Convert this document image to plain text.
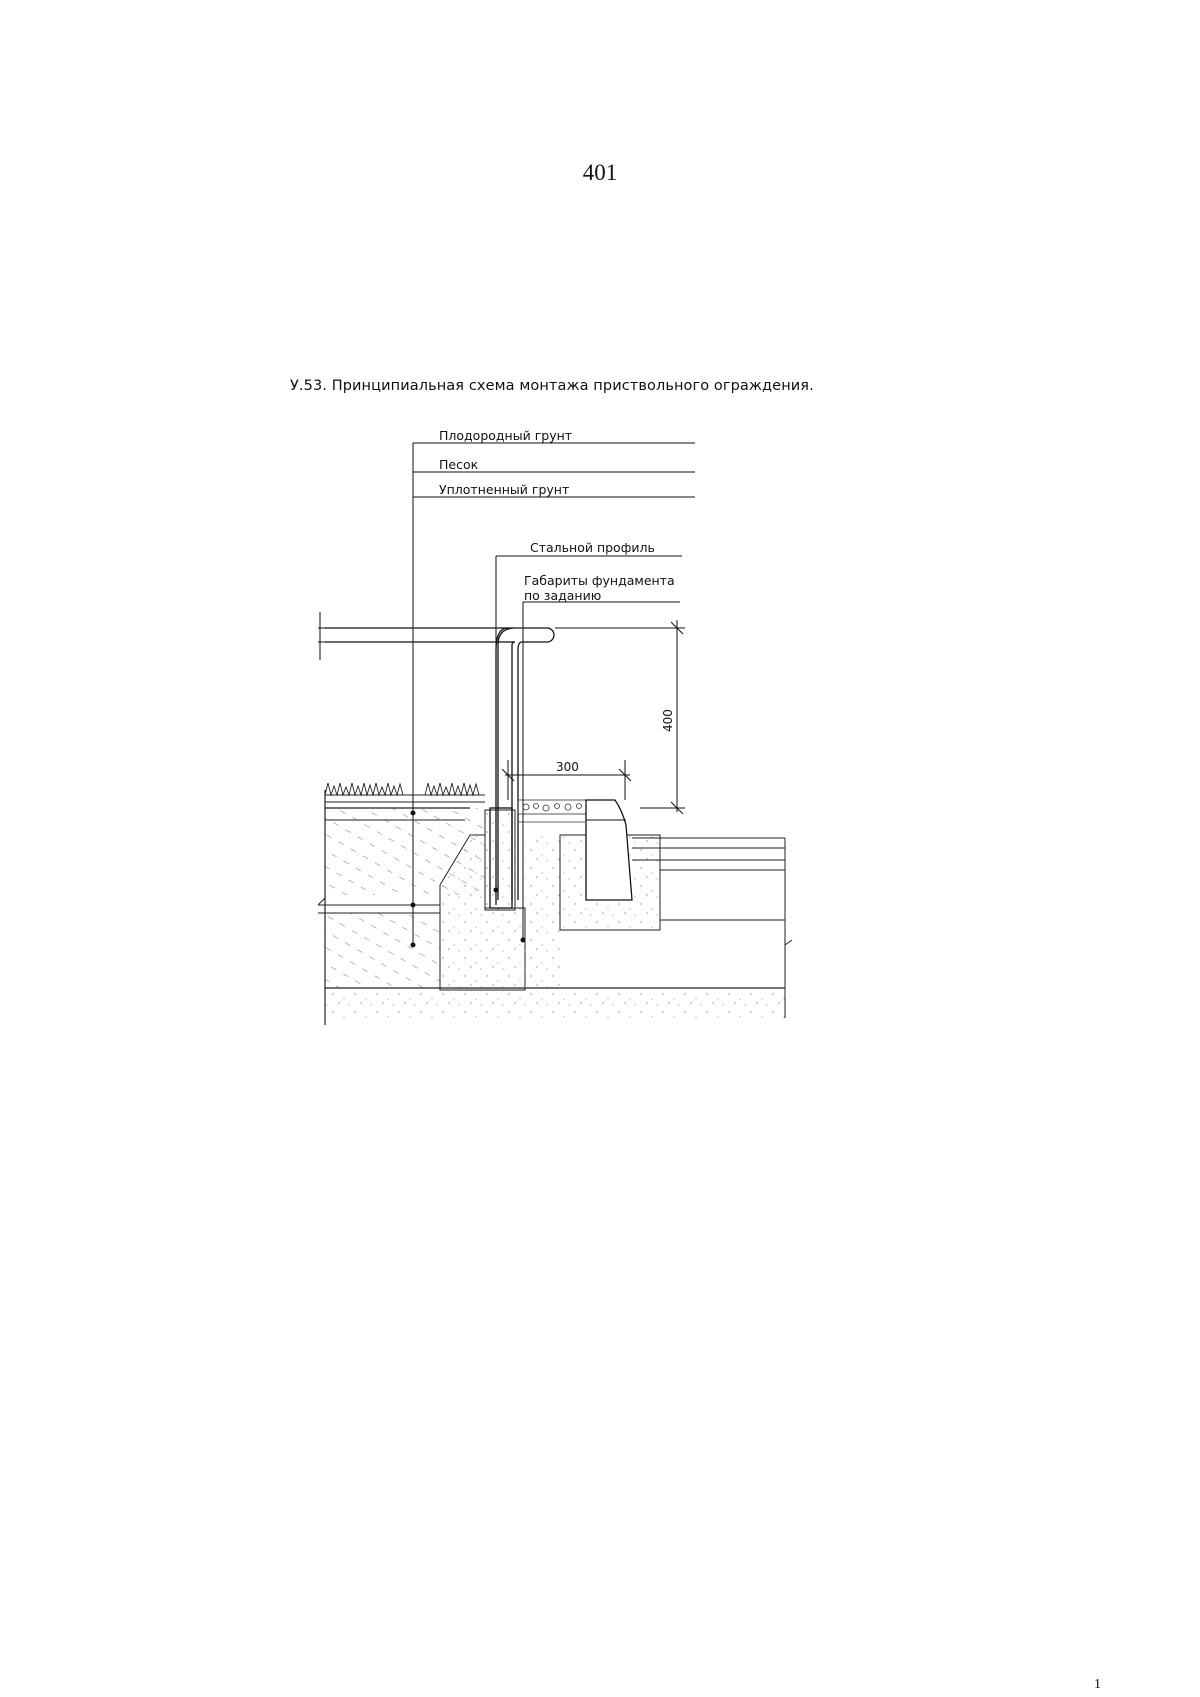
401
У.53. Принципиальная схема монтажа приствольного ограждения.
Плодородный грунт
Песок
Уплотненный грунт
Стальной профиль
Габариты фундамента
по заданию
400
300
1
